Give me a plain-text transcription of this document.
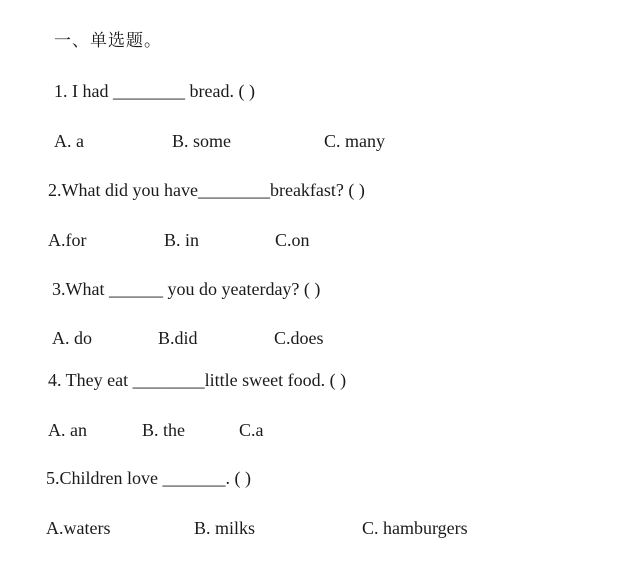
一、单选题。
1. I had ________ bread. ( )
A. a	B. some	C. many
2.What did you have________breakfast? ( )
A.for	B. in	C.on
3.What ______ you do yeaterday? ( )
A. do	B.did	C.does
4. They eat ________little sweet food. ( )
A. an	B. the	C.a
5.Children love _______. ( )
A.waters	B. milks	C. hamburgers
